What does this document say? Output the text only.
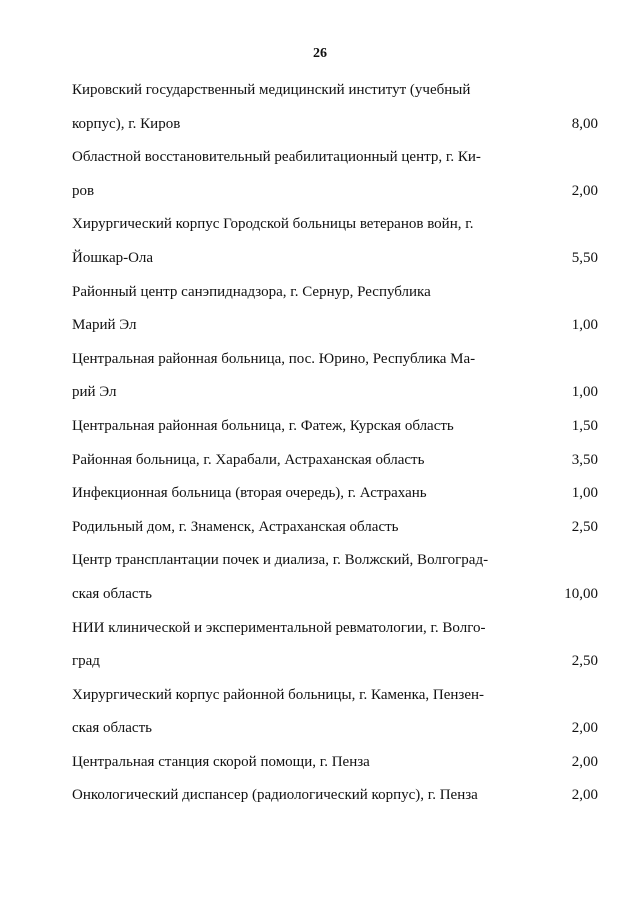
26
Кировский государственный медицинский институт (учебный
корпус), г. Киров	8,00
Областной восстановительный реабилитационный центр, г. Ки-
ров	2,00
Хирургический корпус Городской больницы ветеранов войн, г.
Йошкар-Ола	5,50
Районный центр санэпиднадзора, г. Сернур, Республика
Марий Эл	1,00
Центральная районная больница, пос. Юрино, Республика Ма-
рий Эл	1,00
Центральная районная больница, г. Фатеж, Курская область	1,50
Районная больница, г. Харабали, Астраханская область	3,50
Инфекционная больница (вторая очередь), г. Астрахань	1,00
Родильный дом, г. Знаменск, Астраханская область	2,50
Центр трансплантации почек и диализа, г. Волжский, Волгоград-
ская область	10,00
НИИ клинической и экспериментальной ревматологии, г. Волго-
град	2,50
Хирургический корпус районной больницы, г. Каменка, Пензен-
ская область	2,00
Центральная станция скорой помощи, г. Пенза	2,00
Онкологический диспансер (радиологический корпус), г. Пенза	2,00
